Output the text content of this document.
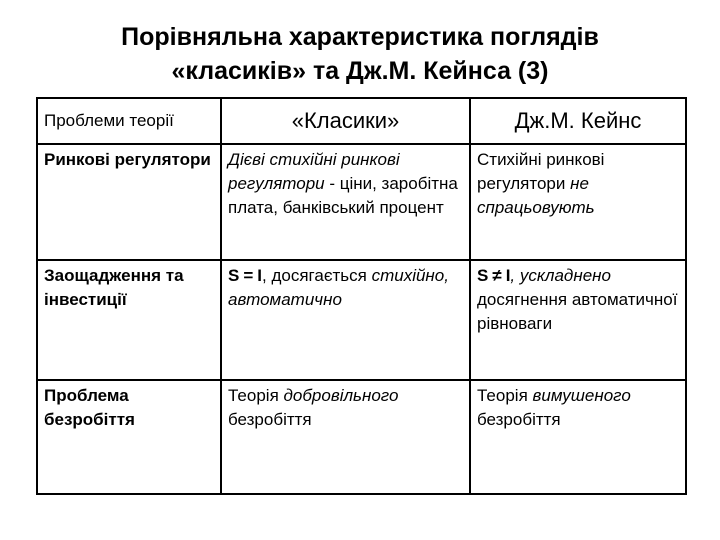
Порівняльна характеристика поглядів
«класиків» та Дж.М. Кейнса (3)
Проблеми теорії	«Класики»	Дж.М. Кейнс
Ринкові регулятори	Дієві стихійні ринкові регулятори - ціни, заробітна плата, банківський процент	Стихійні ринкові регулятори не спрацьовують
Заощадження та інвестиції	S = I, досягається стихійно, автоматично	S ≠ I, ускладнено досягнення автоматичної рівноваги
Проблема безробіття	Теорія добровільного безробіття	Теорія вимушеного безробіття
